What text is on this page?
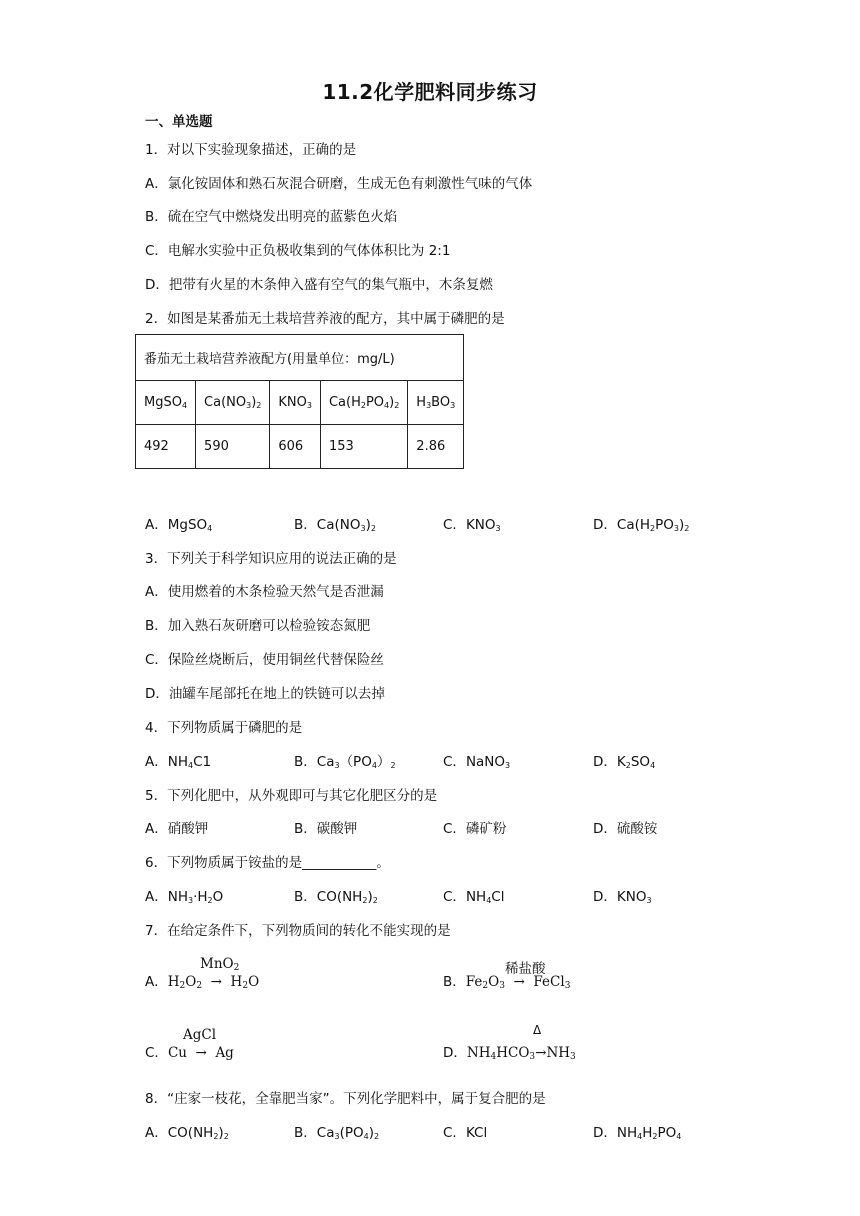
11.2化学肥料同步练习
一、单选题
1．对以下实验现象描述，正确的是
A．氯化铵固体和熟石灰混合研磨，生成无色有刺激性气味的气体
B．硫在空气中燃烧发出明亮的蓝紫色火焰
C．电解水实验中正负极收集到的气体体积比为 2:1
D．把带有火星的木条伸入盛有空气的集气瓶中，木条复燃
2．如图是某番茄无土栽培营养液的配方，其中属于磷肥的是
番茄无土栽培营养液配方(用量单位：mg/L)				
MgSO$_4$	$Ca(NO_3)_2$	$KNO_3$	$Ca(H_2PO_4)_2$	$H_3BO_3$
492	590	606	153	2.86
A．MgSO$_4$	B．$Ca(NO_3)_2$	C．$KNO_3$	D．$Ca(H_2PO_3)_2$
3．下列关于科学知识应用的说法正确的是
A．使用燃着的木条检验天然气是否泄漏
B．加入熟石灰研磨可以检验铵态氮肥
C．保险丝烧断后，使用铜丝代替保险丝
D．油罐车尾部托在地上的铁链可以去掉
4．下列物质属于磷肥的是
A．$NH_4C1$	B．$Ca_3(PO_4)_2$	C．NaNO$_3$	D．$K_2SO_4$
5．下列化肥中，从外观即可与其它化肥区分的是
A．硝酸钾	B．碳酸钾	C．磷矿粉	D．硫酸铵
6．下列物质属于铵盐的是___________。
A．$NH_3\cdot H_2O$	B．$CO(NH_2)_2$	C．$NH_4Cl$	D．$KNO_3$
7．在给定条件下，下列物质间的转化不能实现的是
MnO$_2$
A．$H_2O_2 \to H_2O$
稀盐酸
B．$Fe_2O_3$  →  FeCl$_3$
AgCl
C．Cu  →  Ag
Δ
D．$NH_4HCO_3\to NH_3$
8．“庄家一枝花，全靠肥当家”。下列化学肥料中，属于复合肥的是
A．$CO(NH_2)_2$	B．$Ca_3(PO_4)_2$	C．KCl	D．$NH_4H_2PO_4$
